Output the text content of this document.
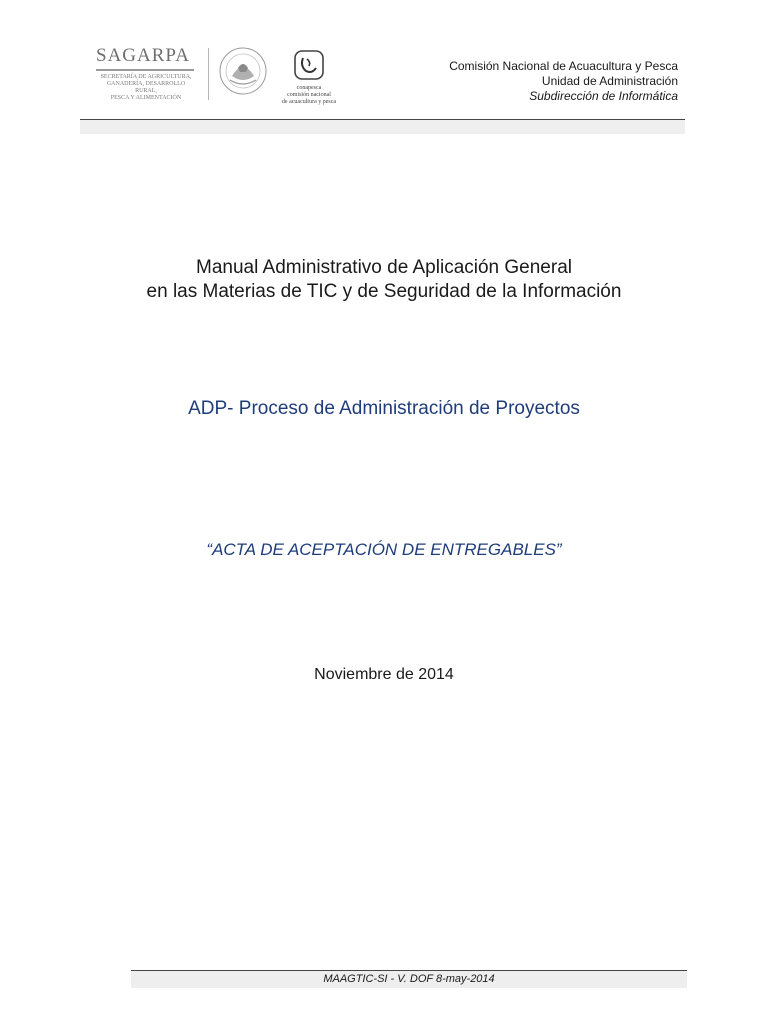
SAGARPA
SECRETARÍA DE AGRICULTURA,
GANADERÍA, DESARROLLO RURAL,
PESCA Y ALIMENTACIÓN
conapesca
comisión nacional
de acuacultura y pesca
Comisión Nacional de Acuacultura y Pesca
Unidad de Administración
Subdirección de Informática
Manual Administrativo de Aplicación General
en las Materias de TIC y de Seguridad de la Información
ADP- Proceso de Administración de Proyectos
“ACTA DE ACEPTACIÓN DE ENTREGABLES”
Noviembre de 2014
MAAGTIC-SI - V. DOF 8-may-2014
